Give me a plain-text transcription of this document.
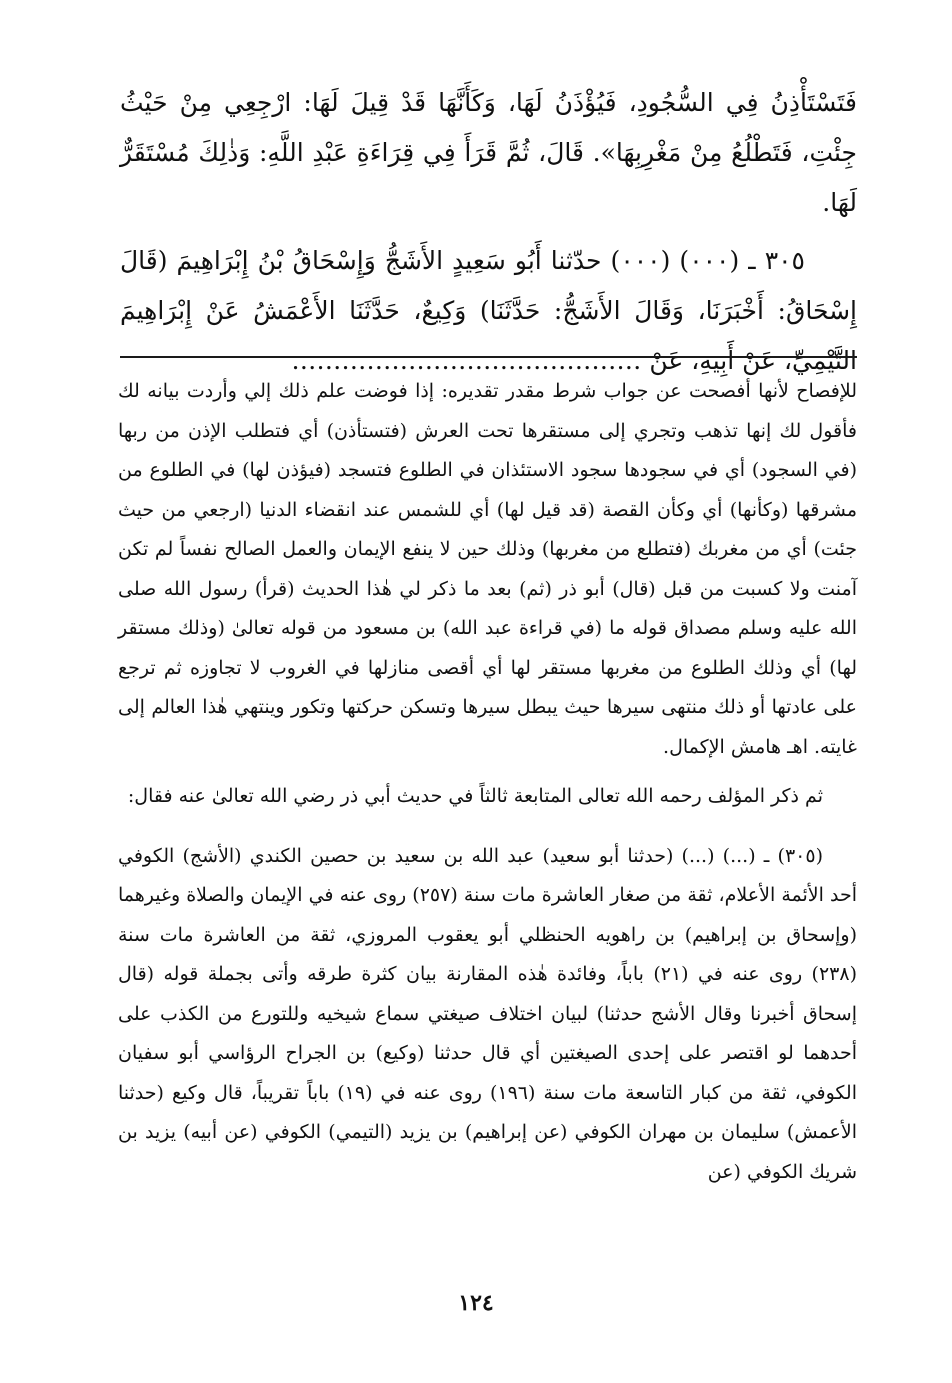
فَتَسْتَأْذِنُ فِي السُّجُودِ، فَيُؤْذَنُ لَهَا، وَكَأَنَّهَا قَدْ قِيلَ لَهَا: ارْجِعِي مِنْ حَيْثُ جِئْتِ، فَتَطْلُعُ مِنْ مَغْرِبِهَا». قَالَ، ثُمَّ قَرَأَ فِي قِرَاءَةِ عَبْدِ اللَّهِ: وَذٰلِكَ مُسْتَقَرٌّ لَهَا.

٣٠٥ ـ (٠٠٠) (٠٠٠) حدّثنا أَبُو سَعِيدٍ الأَشَجُّ وَإِسْحَاقُ بْنُ إِبْرَاهِيمَ (قَالَ إِسْحَاقُ: أَخْبَرَنَا، وَقَالَ الأَشَجُّ: حَدَّثَنَا) وَكِيعٌ، حَدَّثَنَا الأَعْمَشُ عَنْ إِبْرَاهِيمَ التَّيْمِيِّ، عَنْ أَبِيهِ، عَنْ ……………………………………

للإفصاح لأنها أفصحت عن جواب شرط مقدر تقديره: إذا فوضت علم ذلك إلي وأردت بيانه لك فأقول لك إنها تذهب وتجري إلى مستقرها تحت العرش (فتستأذن) أي فتطلب الإذن من ربها (في السجود) أي في سجودها سجود الاستئذان في الطلوع فتسجد (فيؤذن لها) في الطلوع من مشرقها (وكأنها) أي وكأن القصة (قد قيل لها) أي للشمس عند انقضاء الدنيا (ارجعي من حيث جئت) أي من مغربك (فتطلع من مغربها) وذلك حين لا ينفع الإيمان والعمل الصالح نفساً لم تكن آمنت ولا كسبت من قبل (قال) أبو ذر (ثم) بعد ما ذكر لي هٰذا الحديث (قرأ) رسول الله صلى الله عليه وسلم مصداق قوله ما (في قراءة عبد الله) بن مسعود من قوله تعالىٰ (وذلك مستقر لها) أي وذلك الطلوع من مغربها مستقر لها أي أقصى منازلها في الغروب لا تجاوزه ثم ترجع على عادتها أو ذلك منتهى سيرها حيث يبطل سيرها وتسكن حركتها وتكور وينتهي هٰذا العالم إلى غايته. اهـ هامش الإكمال.

ثم ذكر المؤلف رحمه الله تعالى المتابعة ثالثاً في حديث أبي ذر رضي الله تعالىٰ عنه فقال:

(٣٠٥) ـ (...) (...) (حدثنا أبو سعيد) عبد الله بن سعيد بن حصين الكندي (الأشج) الكوفي أحد الأئمة الأعلام، ثقة من صغار العاشرة مات سنة (٢٥٧) روى عنه في الإيمان والصلاة وغيرهما (وإسحاق بن إبراهيم) بن راهويه الحنظلي أبو يعقوب المروزي، ثقة من العاشرة مات سنة (٢٣٨) روى عنه في (٢١) باباً، وفائدة هٰذه المقارنة بيان كثرة طرقه وأتى بجملة قوله (قال إسحاق أخبرنا وقال الأشج حدثنا) لبيان اختلاف صيغتي سماع شيخيه وللتورع من الكذب على أحدهما لو اقتصر على إحدى الصيغتين أي قال حدثنا (وكيع) بن الجراح الرؤاسي أبو سفيان الكوفي، ثقة من كبار التاسعة مات سنة (١٩٦) روى عنه في (١٩) باباً تقريباً، قال وكيع (حدثنا الأعمش) سليمان بن مهران الكوفي (عن إبراهيم) بن يزيد (التيمي) الكوفي (عن أبيه) يزيد بن شريك الكوفي (عن

١٢٤
